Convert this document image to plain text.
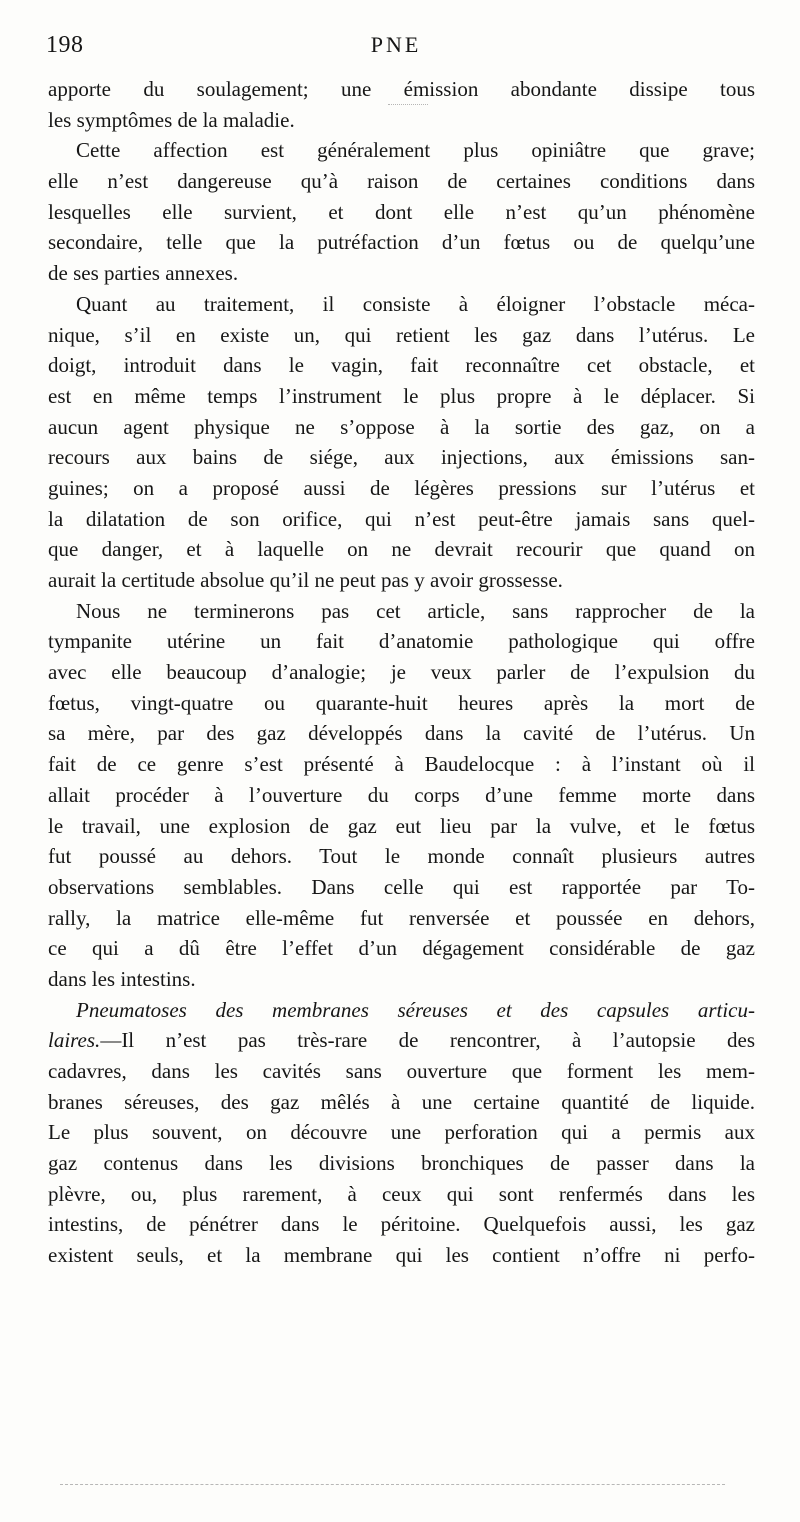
198	PNE
apporte du soulagement; une émission abondante dissipe tous
les symptômes de la maladie.
Cette affection est généralement plus opiniâtre que grave;
elle n’est dangereuse qu’à raison de certaines conditions dans
lesquelles elle survient, et dont elle n’est qu’un phénomène
secondaire, telle que la putréfaction d’un fœtus ou de quelqu’une
de ses parties annexes.
Quant au traitement, il consiste à éloigner l’obstacle méca-
nique, s’il en existe un, qui retient les gaz dans l’utérus. Le
doigt, introduit dans le vagin, fait reconnaître cet obstacle, et
est en même temps l’instrument le plus propre à le déplacer. Si
aucun agent physique ne s’oppose à la sortie des gaz, on a
recours aux bains de siége, aux injections, aux émissions san-
guines; on a proposé aussi de légères pressions sur l’utérus et
la dilatation de son orifice, qui n’est peut-être jamais sans quel-
que danger, et à laquelle on ne devrait recourir que quand on
aurait la certitude absolue qu’il ne peut pas y avoir grossesse.
Nous ne terminerons pas cet article, sans rapprocher de la
tympanite utérine un fait d’anatomie pathologique qui offre
avec elle beaucoup d’analogie; je veux parler de l’expulsion du
fœtus, vingt-quatre ou quarante-huit heures après la mort de
sa mère, par des gaz développés dans la cavité de l’utérus. Un
fait de ce genre s’est présenté à Baudelocque : à l’instant où il
allait procéder à l’ouverture du corps d’une femme morte dans
le travail, une explosion de gaz eut lieu par la vulve, et le fœtus
fut poussé au dehors. Tout le monde connaît plusieurs autres
observations semblables. Dans celle qui est rapportée par To-
rally, la matrice elle-même fut renversée et poussée en dehors,
ce qui a dû être l’effet d’un dégagement considérable de gaz
dans les intestins.
Pneumatoses des membranes séreuses et des capsules articu-
laires.—Il n’est pas très-rare de rencontrer, à l’autopsie des
cadavres, dans les cavités sans ouverture que forment les mem-
branes séreuses, des gaz mêlés à une certaine quantité de liquide.
Le plus souvent, on découvre une perforation qui a permis aux
gaz contenus dans les divisions bronchiques de passer dans la
plèvre, ou, plus rarement, à ceux qui sont renfermés dans les
intestins, de pénétrer dans le péritoine. Quelquefois aussi, les gaz
existent seuls, et la membrane qui les contient n’offre ni perfo-
